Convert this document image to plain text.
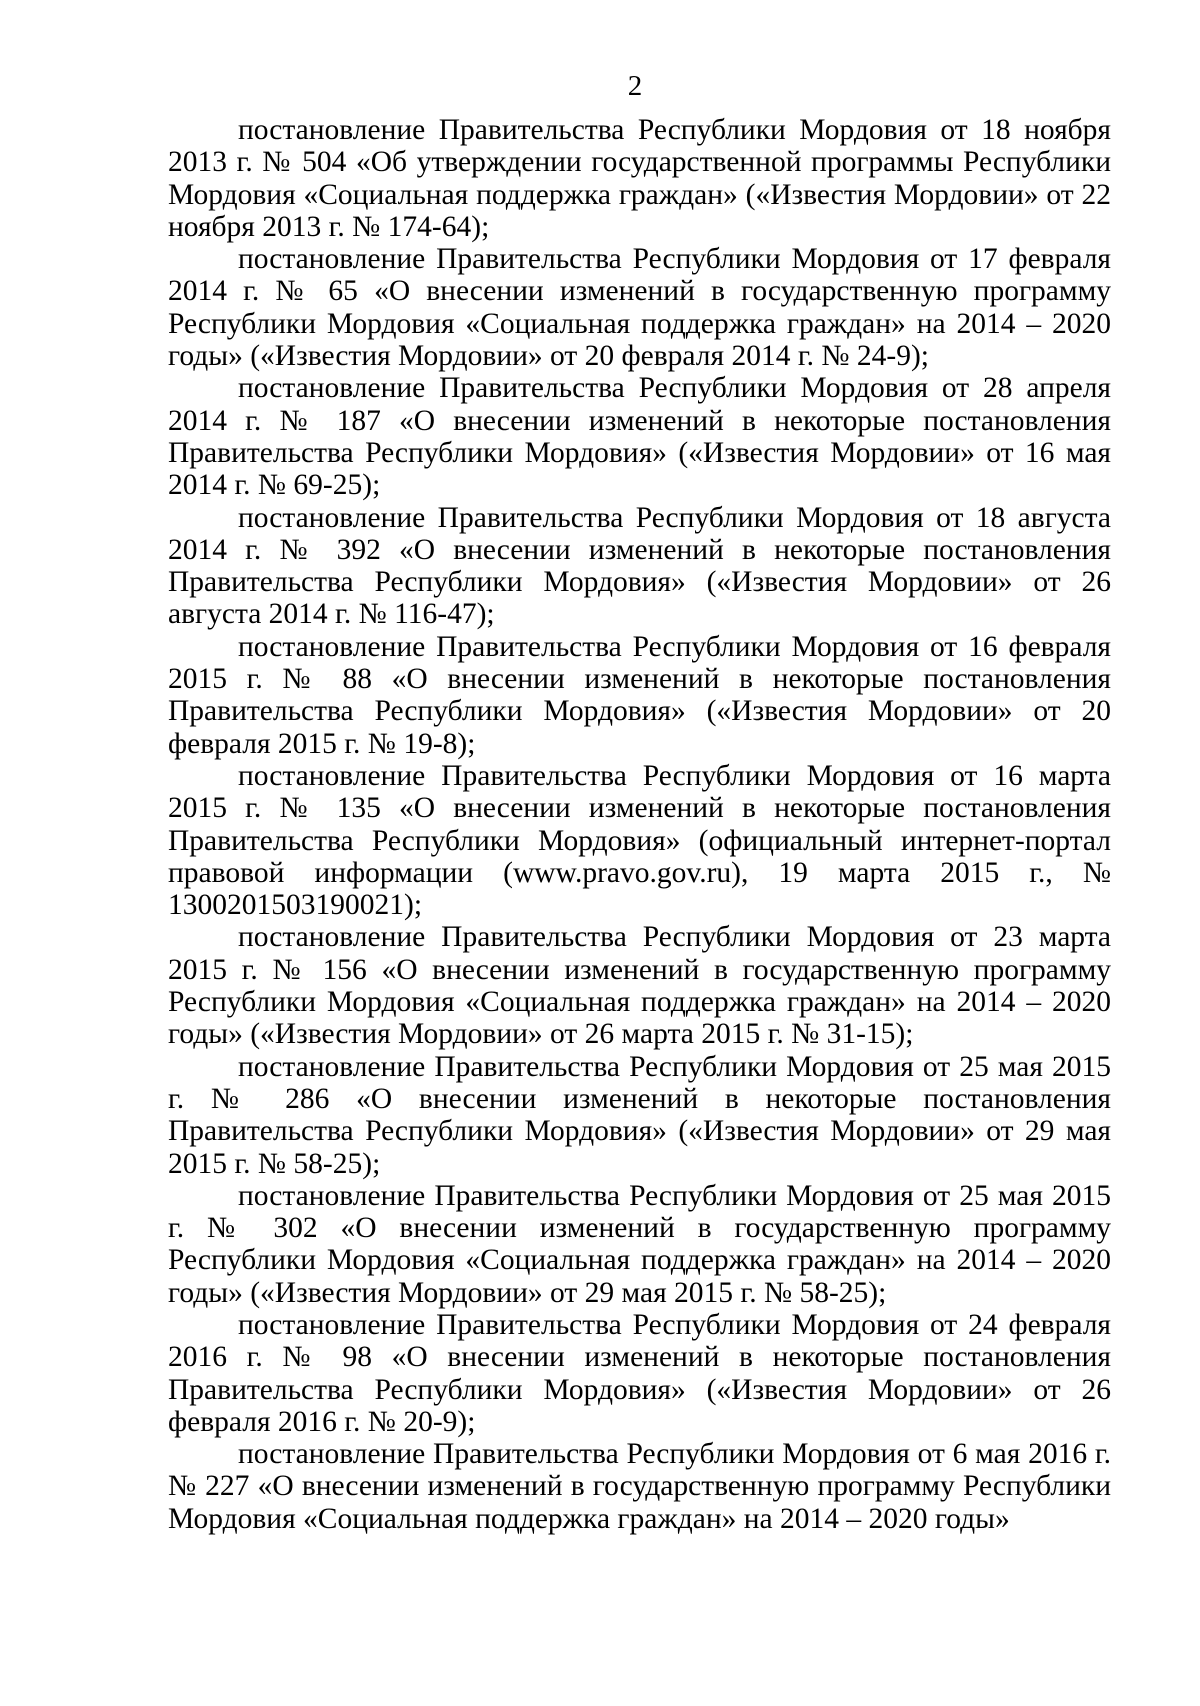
2

постановление Правительства Республики Мордовия от 18 ноября 2013 г. № 504 «Об утверждении государственной программы Республики Мордовия «Социальная поддержка граждан» («Известия Мордовии» от 22 ноября 2013 г. № 174-64);

постановление Правительства Республики Мордовия от 17 февраля 2014 г. № 65 «О внесении изменений в государственную программу Республики Мордовия «Социальная поддержка граждан» на 2014 – 2020 годы» («Известия Мордовии» от 20 февраля 2014 г. № 24-9);

постановление Правительства Республики Мордовия от 28 апреля 2014 г. № 187 «О внесении изменений в некоторые постановления Правительства Республики Мордовия» («Известия Мордовии» от 16 мая 2014 г. № 69-25);

постановление Правительства Республики Мордовия от 18 августа 2014 г. № 392 «О внесении изменений в некоторые постановления Правительства Республики Мордовия» («Известия Мордовии» от 26 августа 2014 г. № 116-47);

постановление Правительства Республики Мордовия от 16 февраля 2015 г. № 88 «О внесении изменений в некоторые постановления Правительства Республики Мордовия» («Известия Мордовии» от 20 февраля 2015 г. № 19-8);

постановление Правительства Республики Мордовия от 16 марта 2015 г. № 135 «О внесении изменений в некоторые постановления Правительства Республики Мордовия» (официальный интернет-портал правовой информации (www.pravo.gov.ru), 19 марта 2015 г., № 1300201503190021);

постановление Правительства Республики Мордовия от 23 марта 2015 г. № 156 «О внесении изменений в государственную программу Республики Мордовия «Социальная поддержка граждан» на 2014 – 2020 годы» («Известия Мордовии» от 26 марта 2015 г. № 31-15);

постановление Правительства Республики Мордовия от 25 мая 2015 г. № 286 «О внесении изменений в некоторые постановления Правительства Республики Мордовия» («Известия Мордовии» от 29 мая 2015 г. № 58-25);

постановление Правительства Республики Мордовия от 25 мая 2015 г. № 302 «О внесении изменений в государственную программу Республики Мордовия «Социальная поддержка граждан» на 2014 – 2020 годы» («Известия Мордовии» от 29 мая 2015 г. № 58-25);

постановление Правительства Республики Мордовия от 24 февраля 2016 г. № 98 «О внесении изменений в некоторые постановления Правительства Республики Мордовия» («Известия Мордовии» от 26 февраля 2016 г. № 20-9);

постановление Правительства Республики Мордовия от 6 мая 2016 г. № 227 «О внесении изменений в государственную программу Республики Мордовия «Социальная поддержка граждан» на 2014 – 2020 годы»
